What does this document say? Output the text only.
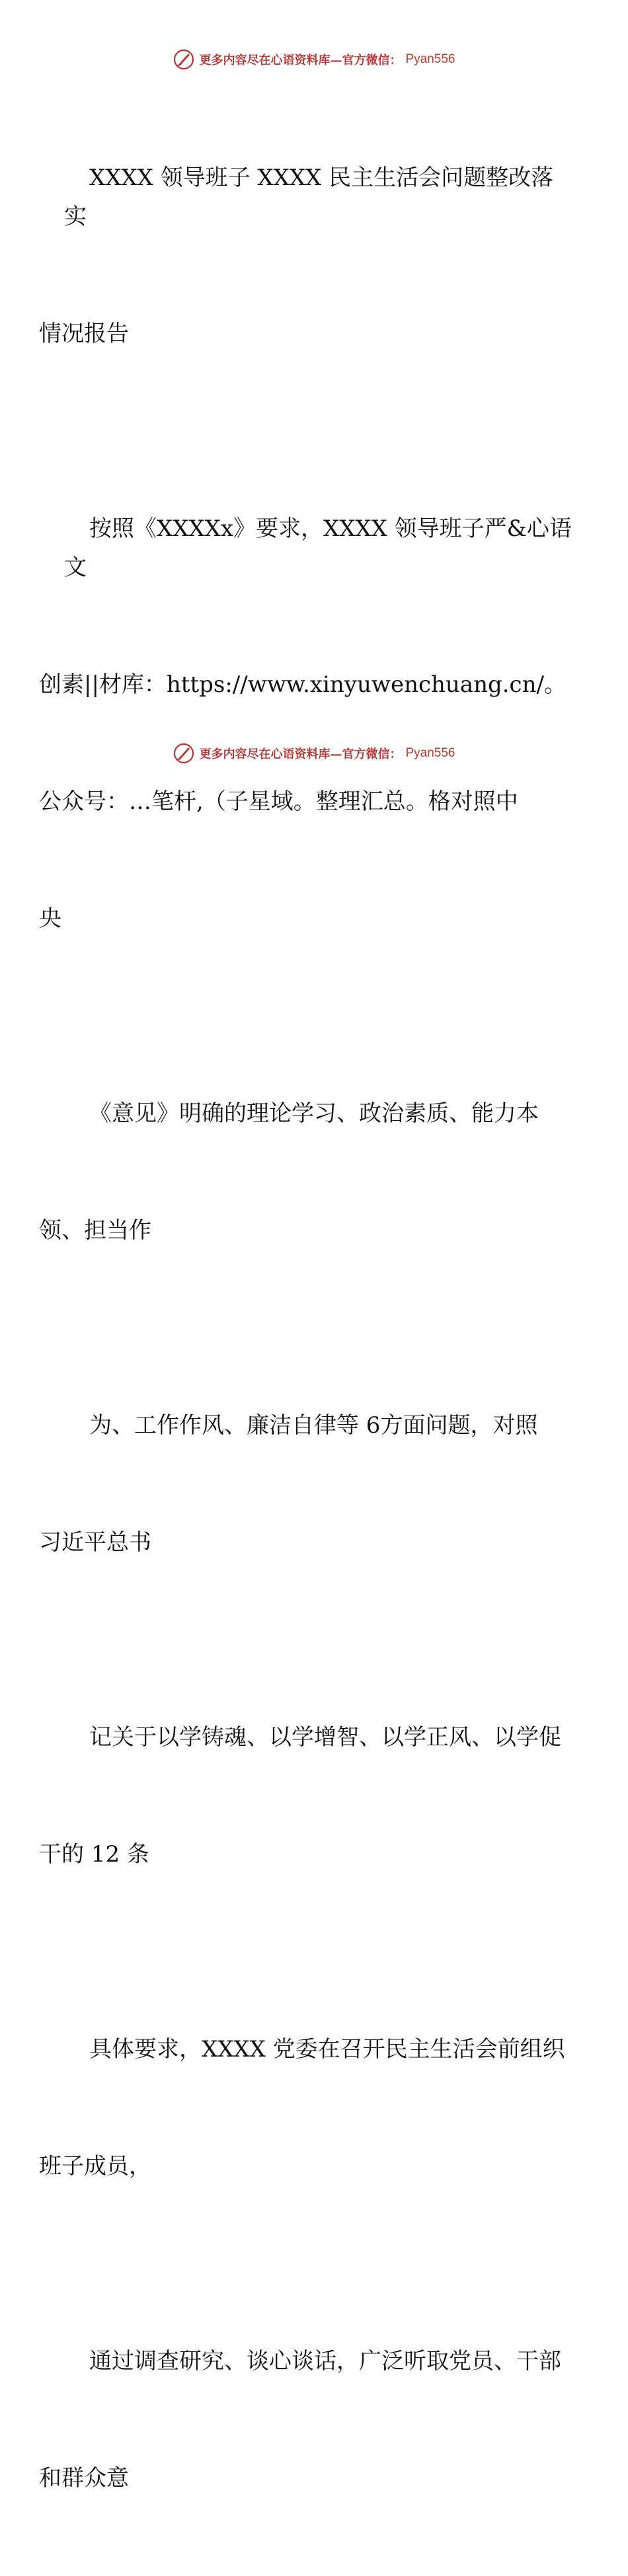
更多内容尽在心语资料库—官方微信： Pyan556

XXXX 领导班子 XXXX 民主生活会问题整改落实

情况报告

按照《XXXXx》要求，XXXX 领导班子严&心语文

创素||材库：https://www.xinyuwenchuang.cn/。

公众号：…笔杆,（子星域。整理汇总。格对照中

央

《意见》明确的理论学习、政治素质、能力本

领、担当作

为、工作作风、廉洁自律等 6方面问题，对照

习近平总书

记关于以学铸魂、以学增智、以学正风、以学促

干的 12 条

具体要求，XXXX 党委在召开民主生活会前组织

班子成员，

通过调查研究、谈心谈话，广泛听取党员、干部

和群众意

更多内容尽在心语资料库—官方微信： Pyan556
